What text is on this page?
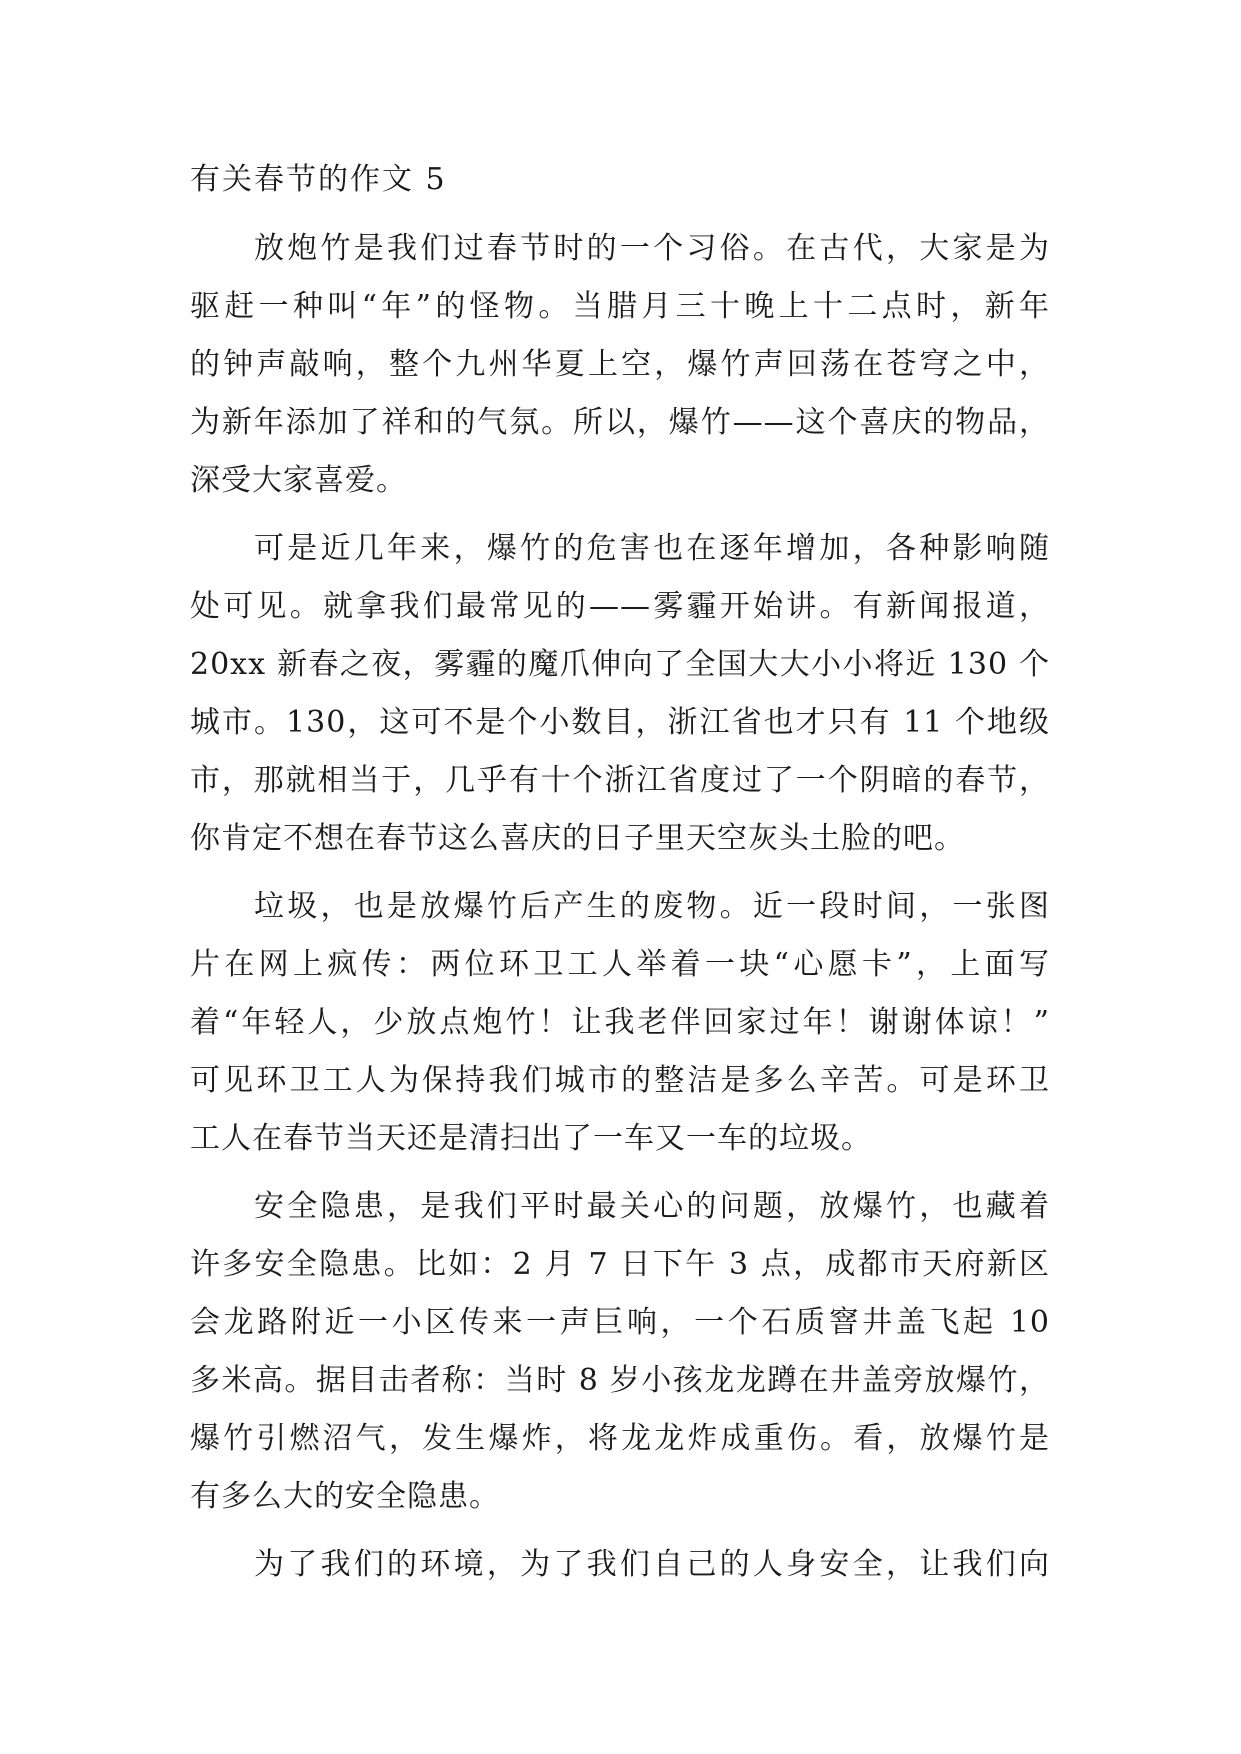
有关春节的作文 5
放炮竹是我们过春节时的一个习俗。在古代，大家是为
驱赶一种叫“年”的怪物。当腊月三十晚上十二点时，新年
的钟声敲响，整个九州华夏上空，爆竹声回荡在苍穹之中，
为新年添加了祥和的气氛。所以，爆竹——这个喜庆的物品，
深受大家喜爱。
可是近几年来，爆竹的危害也在逐年增加，各种影响随
处可见。就拿我们最常见的——雾霾开始讲。有新闻报道，
20xx 新春之夜，雾霾的魔爪伸向了全国大大小小将近 130 个
城市。130，这可不是个小数目，浙江省也才只有 11 个地级
市，那就相当于，几乎有十个浙江省度过了一个阴暗的春节，
你肯定不想在春节这么喜庆的日子里天空灰头土脸的吧。
垃圾，也是放爆竹后产生的废物。近一段时间，一张图
片在网上疯传：两位环卫工人举着一块“心愿卡”，上面写
着“年轻人，少放点炮竹！让我老伴回家过年！谢谢体谅！”
可见环卫工人为保持我们城市的整洁是多么辛苦。可是环卫
工人在春节当天还是清扫出了一车又一车的垃圾。
安全隐患，是我们平时最关心的问题，放爆竹，也藏着
许多安全隐患。比如：2 月 7 日下午 3 点，成都市天府新区
会龙路附近一小区传来一声巨响，一个石质窨井盖飞起 10
多米高。据目击者称：当时 8 岁小孩龙龙蹲在井盖旁放爆竹，
爆竹引燃沼气，发生爆炸，将龙龙炸成重伤。看，放爆竹是
有多么大的安全隐患。
为了我们的环境，为了我们自己的人身安全，让我们向
